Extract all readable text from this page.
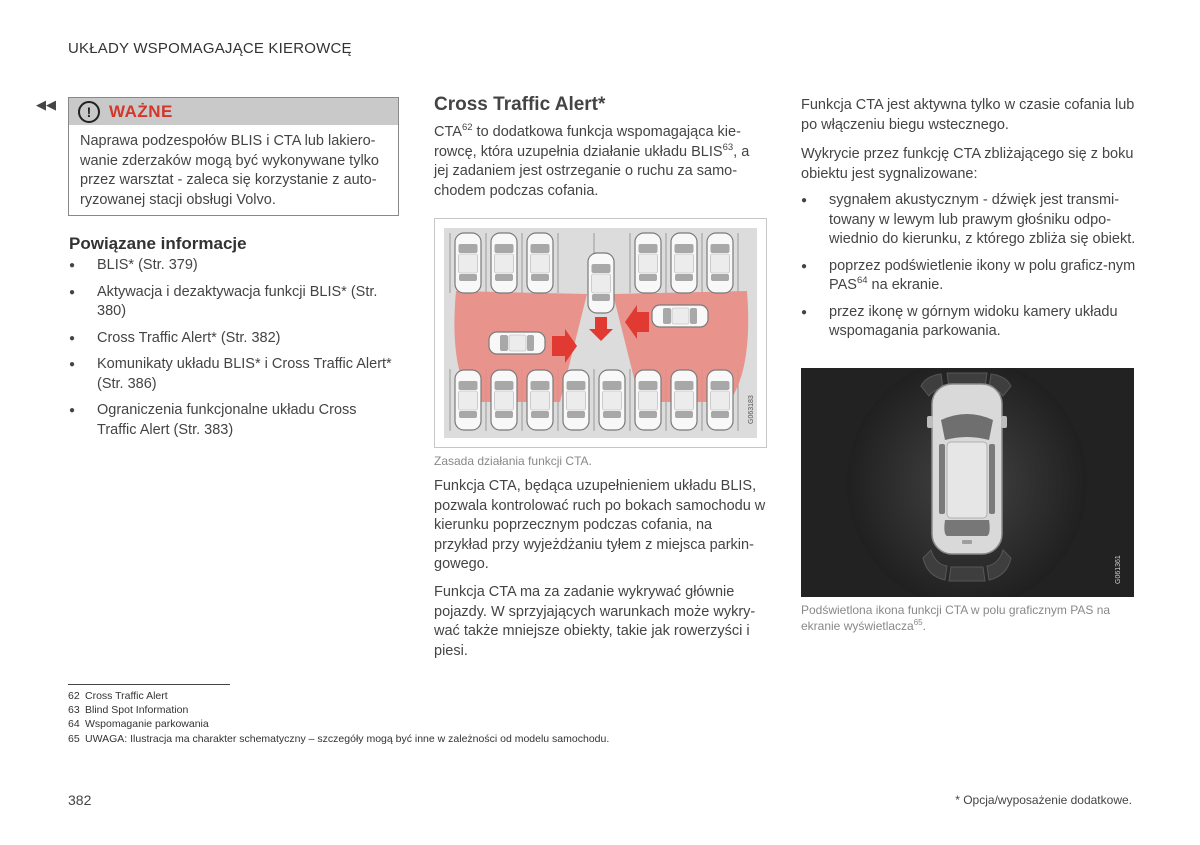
UKŁADY WSPOMAGAJĄCE KIEROWCĘ
◀◀	!	WAŻNE
Naprawa podzespołów BLIS i CTA lub lakiero-wanie zderzaków mogą być wykonywane tylko przez warsztat - zaleca się korzystanie z auto-ryzowanej stacji obsługi Volvo.
Powiązane informacje
● BLIS* (Str. 379)
● Aktywacja i dezaktywacja funkcji BLIS* (Str. 380)
● Cross Traffic Alert* (Str. 382)
● Komunikaty układu BLIS* i Cross Traffic Alert* (Str. 386)
● Ograniczenia funkcjonalne układu Cross Traffic Alert (Str. 383)
Cross Traffic Alert*

CTA$^{62}$ to dodatkowa funkcja wspomagająca kie-rowcę, która uzupełnia działanie układu BLIS$^{63}$, a jej zadaniem jest ostrzeganie o ruchu za samo-chodem podczas cofania.

G063183
Zasada działania funkcji CTA.

Funkcja CTA, będąca uzupełnieniem układu BLIS, pozwala kontrolować ruch po bokach samochodu w kierunku poprzecznym podczas cofania, na przykład przy wyjeżdżaniu tyłem z miejsca parkin-gowego.

Funkcja CTA ma za zadanie wykrywać głównie pojazdy. W sprzyjających warunkach może wykry-wać także mniejsze obiekty, takie jak rowerzyści i piesi.

Funkcja CTA jest aktywna tylko w czasie cofania lub po włączeniu biegu wstecznego.

Wykrycie przez funkcję CTA zbliżającego się z boku obiektu jest sygnalizowane:

● sygnałem akustycznym - dźwięk jest transmi-towany w lewym lub prawym głośniku odpo-wiednio do kierunku, z którego zbliża się obiekt.
● poprzez podświetlenie ikony w polu graficz-nym PAS$^{64}$ na ekranie.
● przez ikonę w górnym widoku kamery układu wspomagania parkowania.
G061361
Podświetlona ikona funkcji CTA w polu graficznym PAS na ekranie wyświetlacza$^{65}$.
62 Cross Traffic Alert
63 Blind Spot Information
64 Wspomaganie parkowania
65 UWAGA: Ilustracja ma charakter schematyczny – szczegóły mogą być inne w zależności od modelu samochodu.
382	* Opcja/wyposażenie dodatkowe.
